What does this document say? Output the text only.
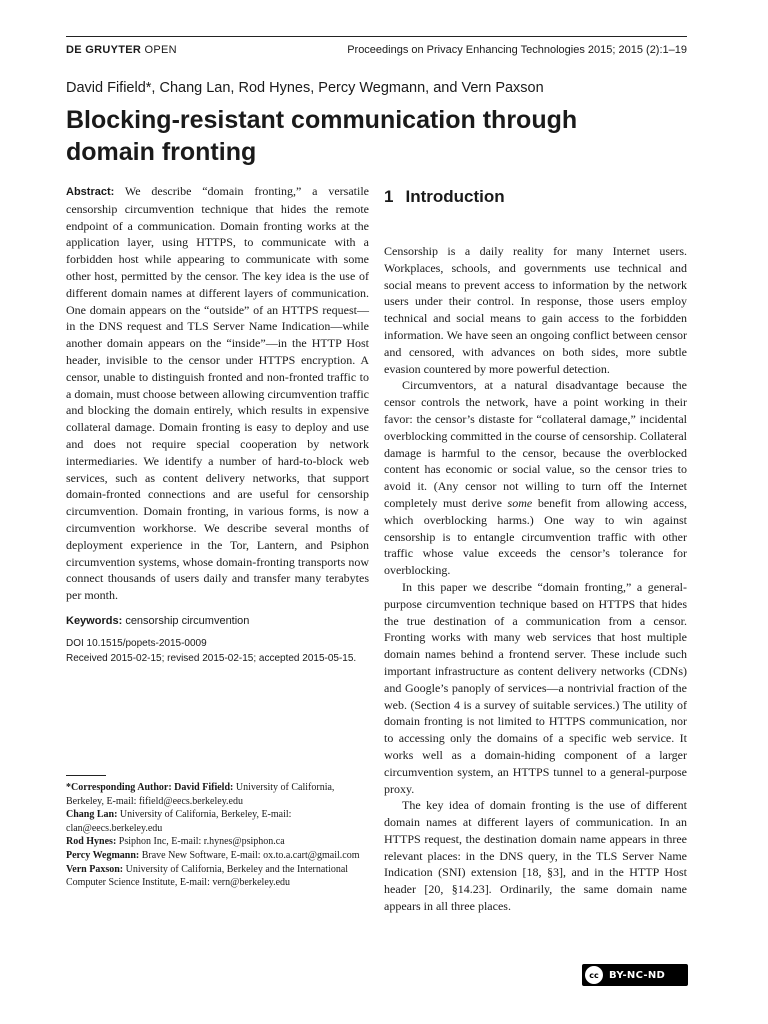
DE GRUYTER OPEN	Proceedings on Privacy Enhancing Technologies 2015; 2015 (2):1–19
David Fifield*, Chang Lan, Rod Hynes, Percy Wegmann, and Vern Paxson
Blocking-resistant communication through domain fronting
Abstract: We describe “domain fronting,” a versatile censorship circumvention technique that hides the remote endpoint of a communication. Domain fronting works at the application layer, using HTTPS, to communicate with a forbidden host while appearing to communicate with some other host, permitted by the censor. The key idea is the use of different domain names at different layers of communication. One domain appears on the “outside” of an HTTPS request—in the DNS request and TLS Server Name Indication—while another domain appears on the “inside”—in the HTTP Host header, invisible to the censor under HTTPS encryption. A censor, unable to distinguish fronted and non-fronted traffic to a domain, must choose between allowing circumvention traffic and blocking the domain entirely, which results in expensive collateral damage. Domain fronting is easy to deploy and use and does not require special cooperation by network intermediaries. We identify a number of hard-to-block web services, such as content delivery networks, that support domain-fronted connections and are useful for censorship circumvention. Domain fronting, in various forms, is now a circumvention workhorse. We describe several months of deployment experience in the Tor, Lantern, and Psiphon circumvention systems, whose domain-fronting transports now connect thousands of users daily and transfer many terabytes per month.
Keywords: censorship circumvention
DOI 10.1515/popets-2015-0009
Received 2015-02-15; revised 2015-02-15; accepted 2015-05-15.

*Corresponding Author: David Fifield: University of California, Berkeley, E-mail: fifield@eecs.berkeley.edu

Chang Lan: University of California, Berkeley, E-mail: clan@eecs.berkeley.edu

Rod Hynes: Psiphon Inc, E-mail: r.hynes@psiphon.ca

Percy Wegmann: Brave New Software, E-mail: ox.to.a.cart@gmail.com

Vern Paxson: University of California, Berkeley and the International Computer Science Institute, E-mail: vern@berkeley.edu

1 Introduction

Censorship is a daily reality for many Internet users. Workplaces, schools, and governments use technical and social means to prevent access to information by the network users under their control. In response, those users employ technical and social means to gain access to the forbidden information. We have seen an ongoing conflict between censor and censored, with advances on both sides, more subtle evasion countered by more powerful detection.

Circumventors, at a natural disadvantage because the censor controls the network, have a point working in their favor: the censor’s distaste for “collateral damage,” incidental overblocking committed in the course of censorship. Collateral damage is harmful to the censor, because the overblocked content has economic or social value, so the censor tries to avoid it. (Any censor not willing to turn off the Internet completely must derive some benefit from allowing access, which overblocking harms.) One way to win against censorship is to entangle circumvention traffic with other traffic whose value exceeds the censor’s tolerance for overblocking.

In this paper we describe “domain fronting,” a general-purpose circumvention technique based on HTTPS that hides the true destination of a communication from a censor. Fronting works with many web services that host multiple domain names behind a frontend server. These include such important infrastructure as content delivery networks (CDNs) and Google’s panoply of services—a nontrivial fraction of the web. (Section 4 is a survey of suitable services.) The utility of domain fronting is not limited to HTTPS communication, nor to accessing only the domains of a specific web service. It works well as a domain-hiding component of a larger circumvention system, an HTTPS tunnel to a general-purpose proxy.

The key idea of domain fronting is the use of different domain names at different layers of communication. In an HTTPS request, the destination domain name appears in three relevant places: in the DNS query, in the TLS Server Name Indication (SNI) extension [18, §3], and in the HTTP Host header [20, §14.23]. Ordinarily, the same domain name appears in all three places.

cc	BY-NC-ND
